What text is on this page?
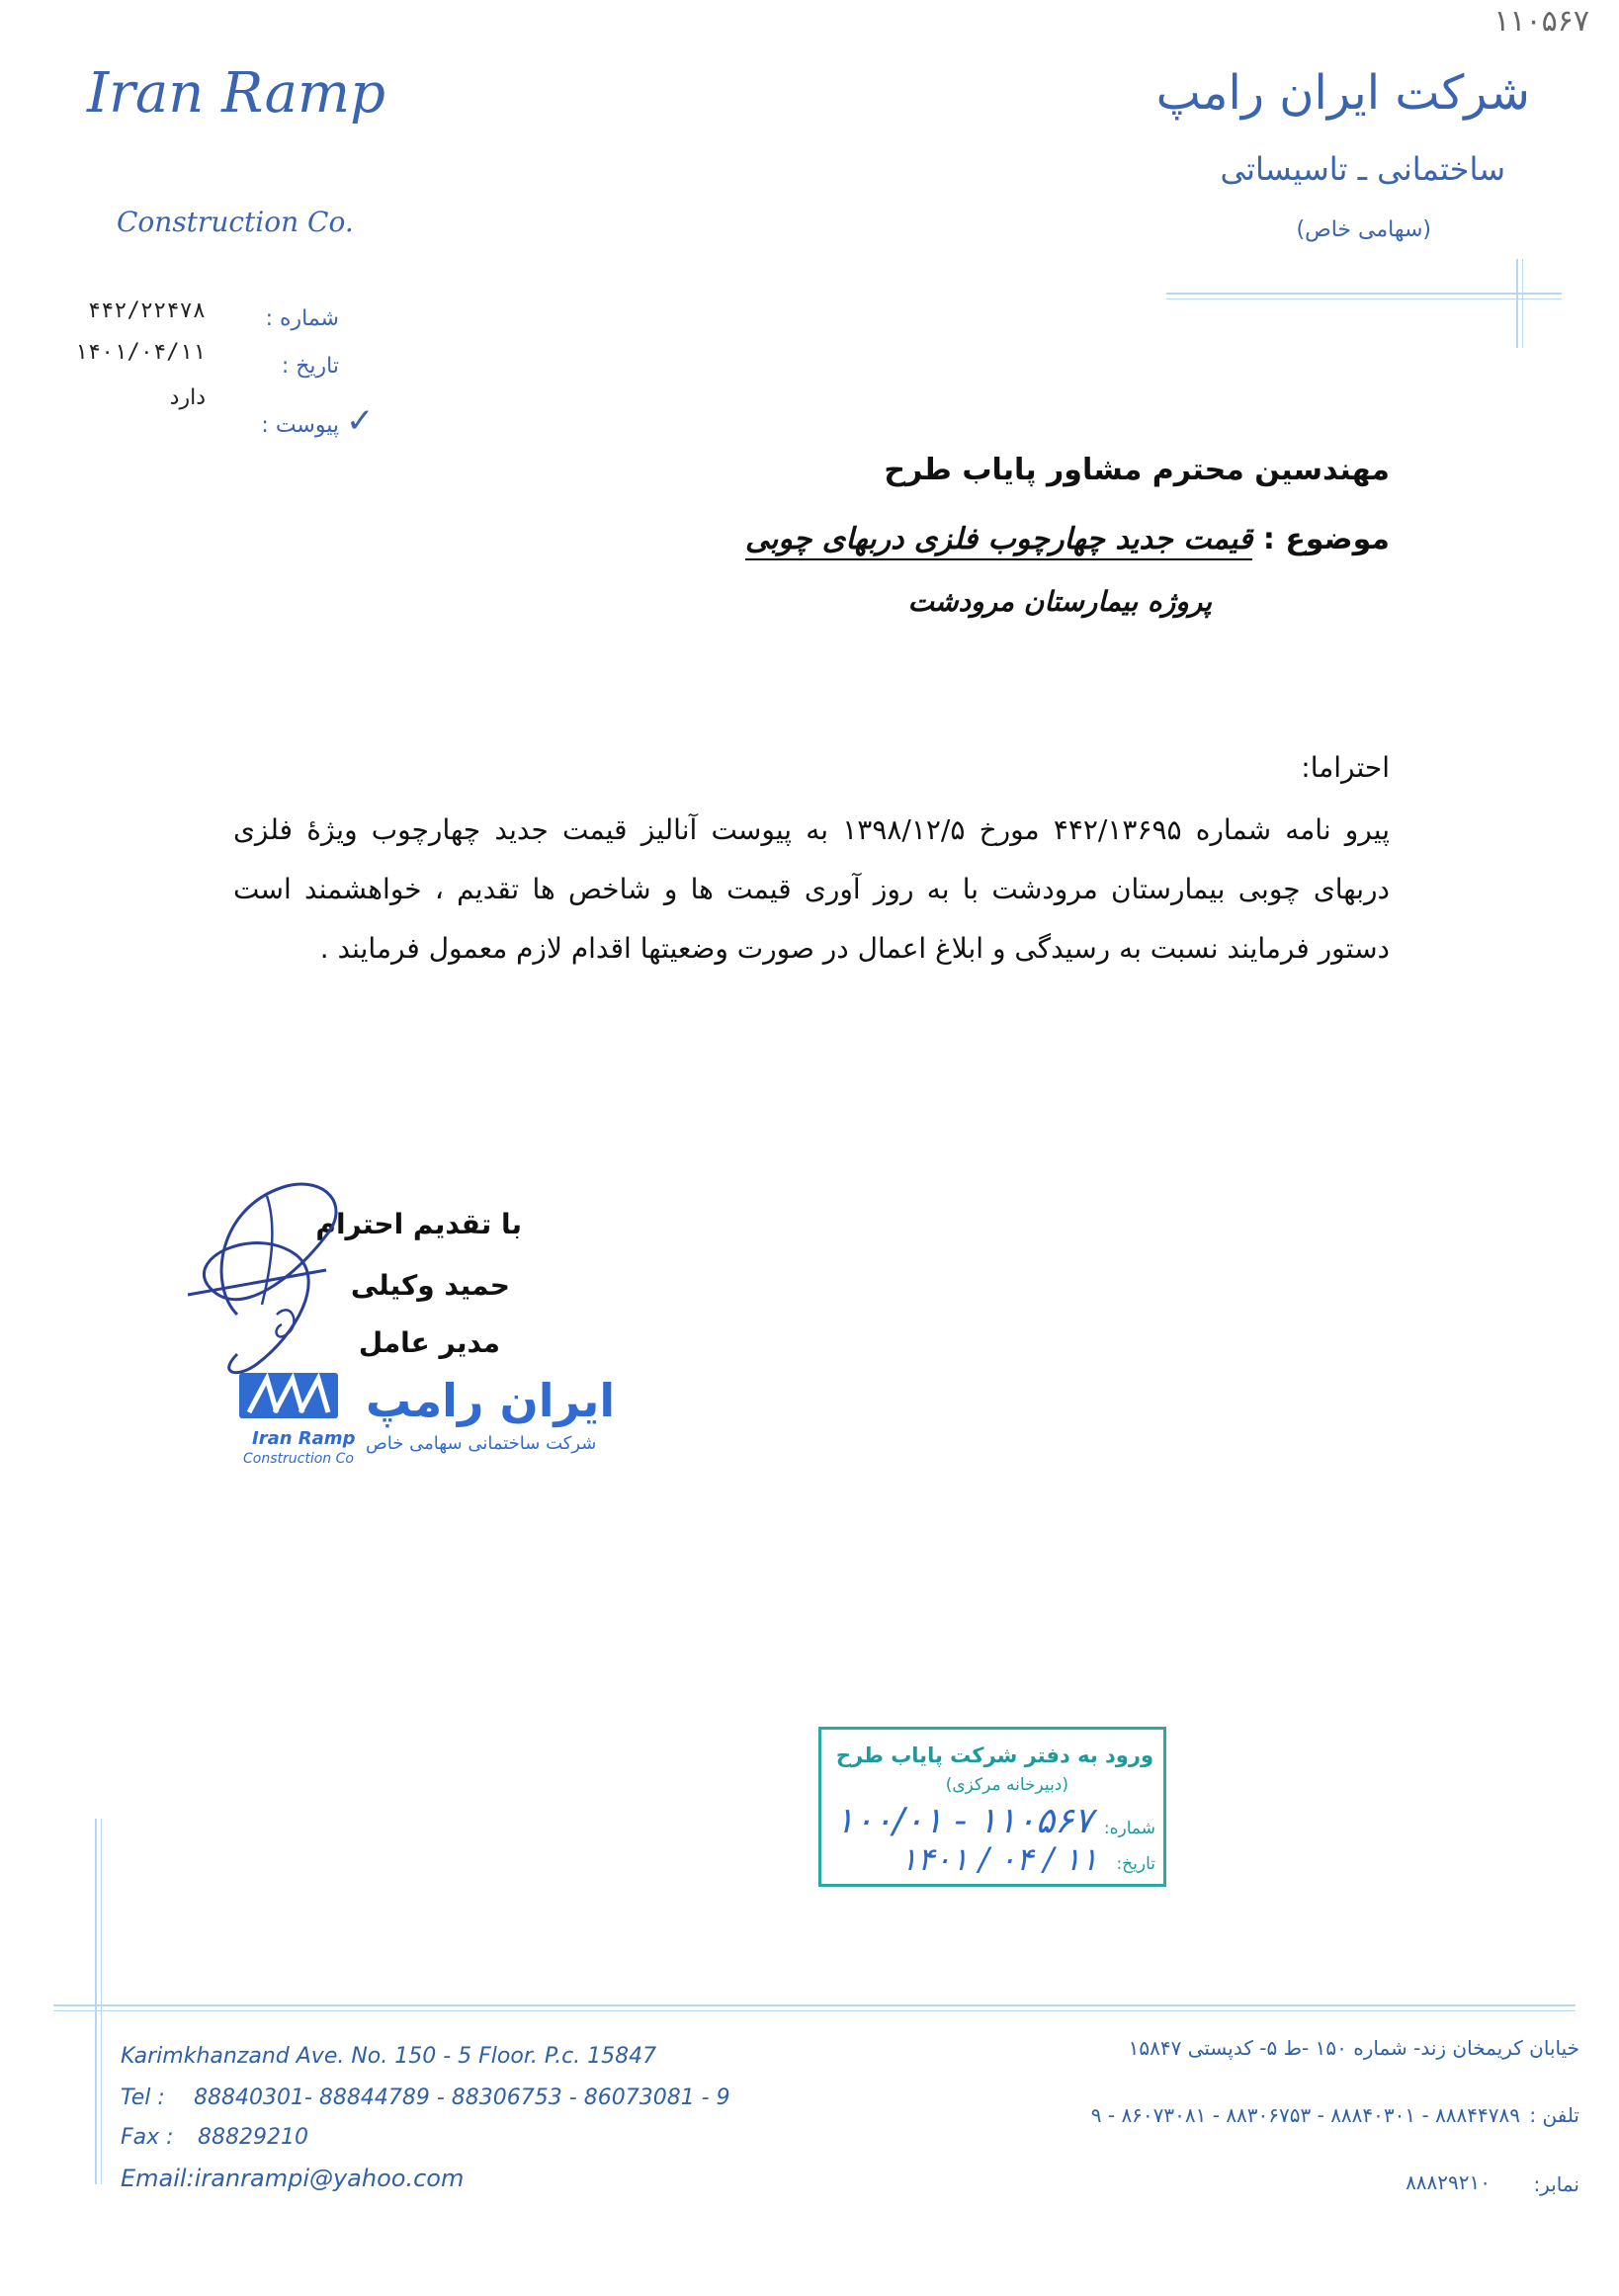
Iran Ramp
Construction Co.
شرکت ایران رامپ
ساختمانی ـ تاسیساتی
(سهامی خاص)
۱۱۰۵۶۷
شماره :
۴۴۲/۲۲۴۷۸
تاریخ :
۱۴۰۱/۰۴/۱۱
پیوست : ✓
دارد
مهندسین محترم مشاور پایاب طرح
موضوع : قیمت جدید چهارچوب فلزی دربهای چوبی
پروژه بیمارستان مرودشت
احتراما:
پیرو نامه شماره ۴۴۲/۱۳۶۹۵ مورخ ۱۳۹۸/۱۲/۵ به پیوست آنالیز قیمت جدید چهارچوب ویژهٔ فلزی دربهای چوبی بیمارستان مرودشت با به روز آوری قیمت ها و شاخص ها تقدیم ، خواهشمند است دستور فرمایند نسبت به رسیدگی و ابلاغ اعمال در صورت وضعیتها اقدام لازم معمول فرمایند .
با تقدیم احترام
حمید وکیلی
مدیر عامل
ایران رامپ
شرکت ساختمانی سهامی خاص
Iran Ramp
Construction Co
ورود به دفتر شرکت پایاب طرح
(دبیرخانه مرکزی)
شماره:
تاریخ:
۱۰۰/۰۱ - ۱۱۰۵۶۷
۱۴۰۱ / ۰۴ / ۱۱
Karimkhanzand Ave. No. 150 - 5 Floor. P.c. 15847
Tel : 88840301- 88844789 - 88306753 - 86073081 - 9
Fax : 88829210
Email:iranrampi@yahoo.com
خیابان کریمخان زند- شماره ۱۵۰ -ط ۵- کدپستی ۱۵۸۴۷
تلفن :
۸۸۸۴۴۷۸۹ - ۸۸۸۴۰۳۰۱ - ۸۸۳۰۶۷۵۳ - ۸۶۰۷۳۰۸۱ - ۹
نمابر:
۸۸۸۲۹۲۱۰
